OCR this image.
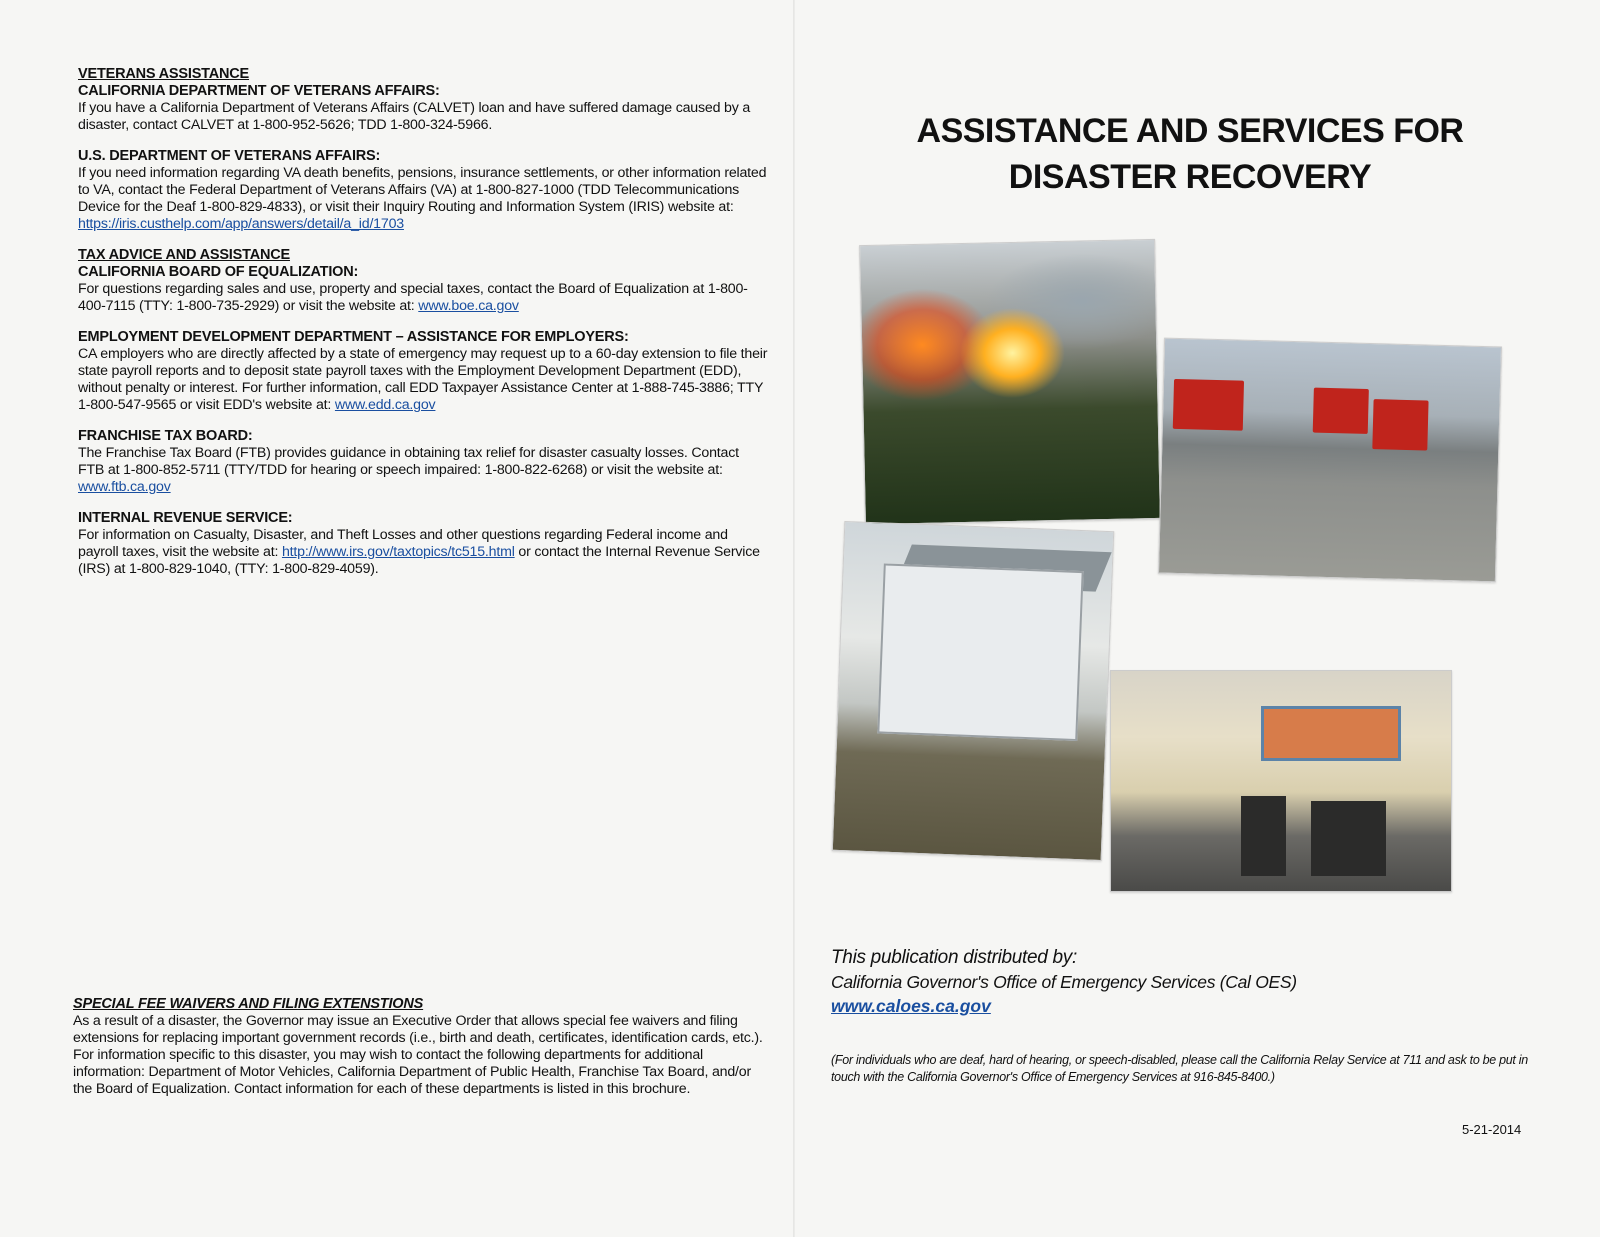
VETERANS ASSISTANCE
CALIFORNIA DEPARTMENT OF VETERANS AFFAIRS:
If you have a California Department of Veterans Affairs (CALVET) loan and have suffered damage caused by a disaster, contact CALVET at 1-800-952-5626; TDD 1-800-324-5966.
U.S. DEPARTMENT OF VETERANS AFFAIRS:
If you need information regarding VA death benefits, pensions, insurance settlements, or other information related to VA, contact the Federal Department of Veterans Affairs (VA) at 1-800-827-1000 (TDD Telecommunications Device for the Deaf 1-800-829-4833), or visit their Inquiry Routing and Information System (IRIS) website at: https://iris.custhelp.com/app/answers/detail/a_id/1703
TAX ADVICE AND ASSISTANCE
CALIFORNIA BOARD OF EQUALIZATION:
For questions regarding sales and use, property and special taxes, contact the Board of Equalization at 1-800-400-7115 (TTY: 1-800-735-2929) or visit the website at: www.boe.ca.gov
EMPLOYMENT DEVELOPMENT DEPARTMENT – ASSISTANCE FOR EMPLOYERS:
CA employers who are directly affected by a state of emergency may request up to a 60-day extension to file their state payroll reports and to deposit state payroll taxes with the Employment Development Department (EDD), without penalty or interest. For further information, call EDD Taxpayer Assistance Center at 1-888-745-3886; TTY 1-800-547-9565 or visit EDD's website at: www.edd.ca.gov
FRANCHISE TAX BOARD:
The Franchise Tax Board (FTB) provides guidance in obtaining tax relief for disaster casualty losses. Contact FTB at 1-800-852-5711 (TTY/TDD for hearing or speech impaired: 1-800-822-6268) or visit the website at: www.ftb.ca.gov
INTERNAL REVENUE SERVICE:
For information on Casualty, Disaster, and Theft Losses and other questions regarding Federal income and payroll taxes, visit the website at: http://www.irs.gov/taxtopics/tc515.html or contact the Internal Revenue Service (IRS) at 1-800-829-1040, (TTY: 1-800-829-4059).
SPECIAL FEE WAIVERS AND FILING EXTENSTIONS
As a result of a disaster, the Governor may issue an Executive Order that allows special fee waivers and filing extensions for replacing important government records (i.e., birth and death, certificates, identification cards, etc.). For information specific to this disaster, you may wish to contact the following departments for additional information: Department of Motor Vehicles, California Department of Public Health, Franchise Tax Board, and/or the Board of Equalization. Contact information for each of these departments is listed in this brochure.
ASSISTANCE AND SERVICES FOR
DISASTER RECOVERY
This publication distributed by:
California Governor's Office of Emergency Services (Cal OES)
www.caloes.ca.gov
(For individuals who are deaf, hard of hearing, or speech-disabled, please call the California Relay Service at 711 and ask to be put in touch with the California Governor's Office of Emergency Services at 916-845-8400.)
5-21-2014
